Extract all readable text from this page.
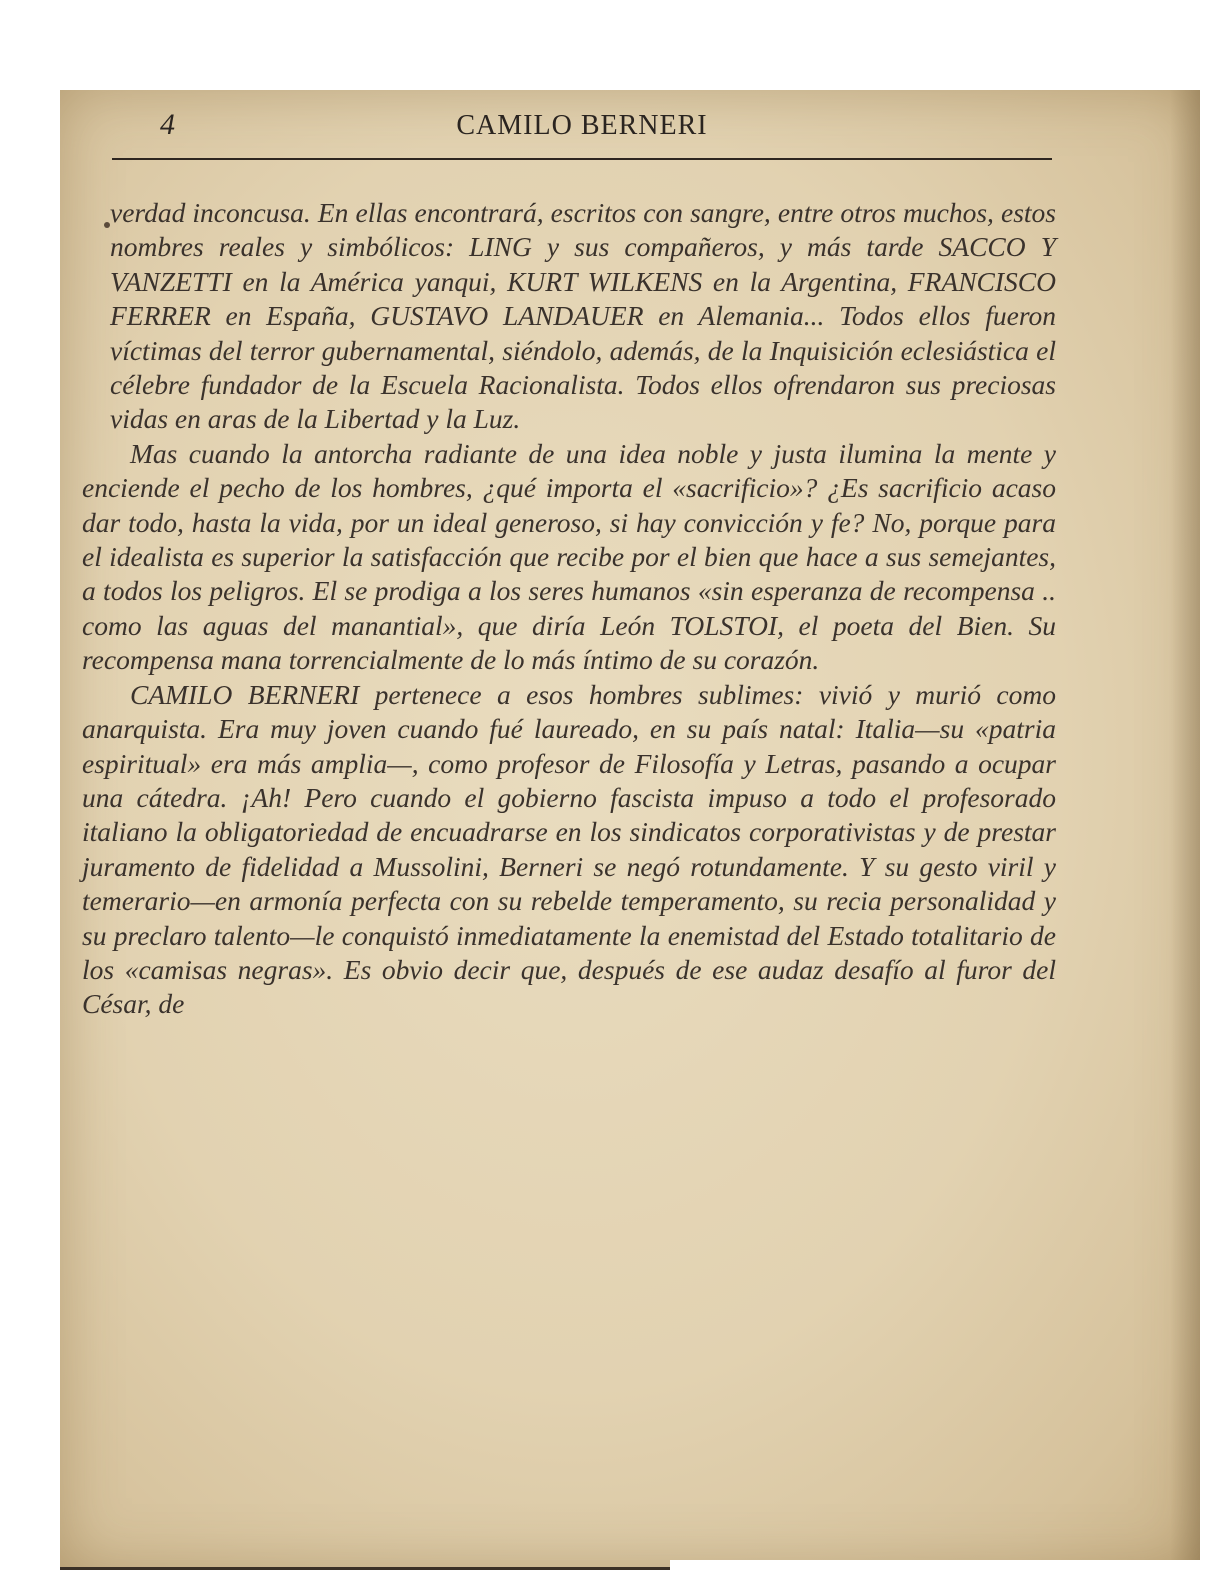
4	CAMILO BERNERI

verdad inconcusa. En ellas encontrará, escritos con sangre, entre otros muchos, estos nombres reales y simbólicos: LING y sus compañeros, y más tarde SACCO Y VANZETTI en la América yanqui, KURT WILKENS en la Argentina, FRANCISCO FERRER en España, GUSTAVO LANDAUER en Alemania... Todos ellos fueron víctimas del terror gubernamental, siéndolo, además, de la Inquisición eclesiástica el célebre fundador de la Escuela Racionalista. Todos ellos ofrendaron sus preciosas vidas en aras de la Libertad y la Luz.

Mas cuando la antorcha radiante de una idea noble y justa ilumina la mente y enciende el pecho de los hombres, ¿qué importa el «sacrificio»? ¿Es sacrificio acaso dar todo, hasta la vida, por un ideal generoso, si hay convicción y fe? No, porque para el idealista es superior la satisfacción que recibe por el bien que hace a sus semejantes, a todos los peligros. El se prodiga a los seres humanos «sin esperanza de recompensa .. como las aguas del manantial», que diría León TOLSTOI, el poeta del Bien. Su recompensa mana torrencialmente de lo más íntimo de su corazón.

CAMILO BERNERI pertenece a esos hombres sublimes: vivió y murió como anarquista. Era muy joven cuando fué laureado, en su país natal: Italia—su «patria espiritual» era más amplia—, como profesor de Filosofía y Letras, pasando a ocupar una cátedra. ¡Ah! Pero cuando el gobierno fascista impuso a todo el profesorado italiano la obligatoriedad de encuadrarse en los sindicatos corporativistas y de prestar juramento de fidelidad a Mussolini, Berneri se negó rotundamente. Y su gesto viril y temerario—en armonía perfecta con su rebelde temperamento, su recia personalidad y su preclaro talento—le conquistó inmediatamente la enemistad del Estado totalitario de los «camisas negras». Es obvio decir que, después de ese audaz desafío al furor del César, de
